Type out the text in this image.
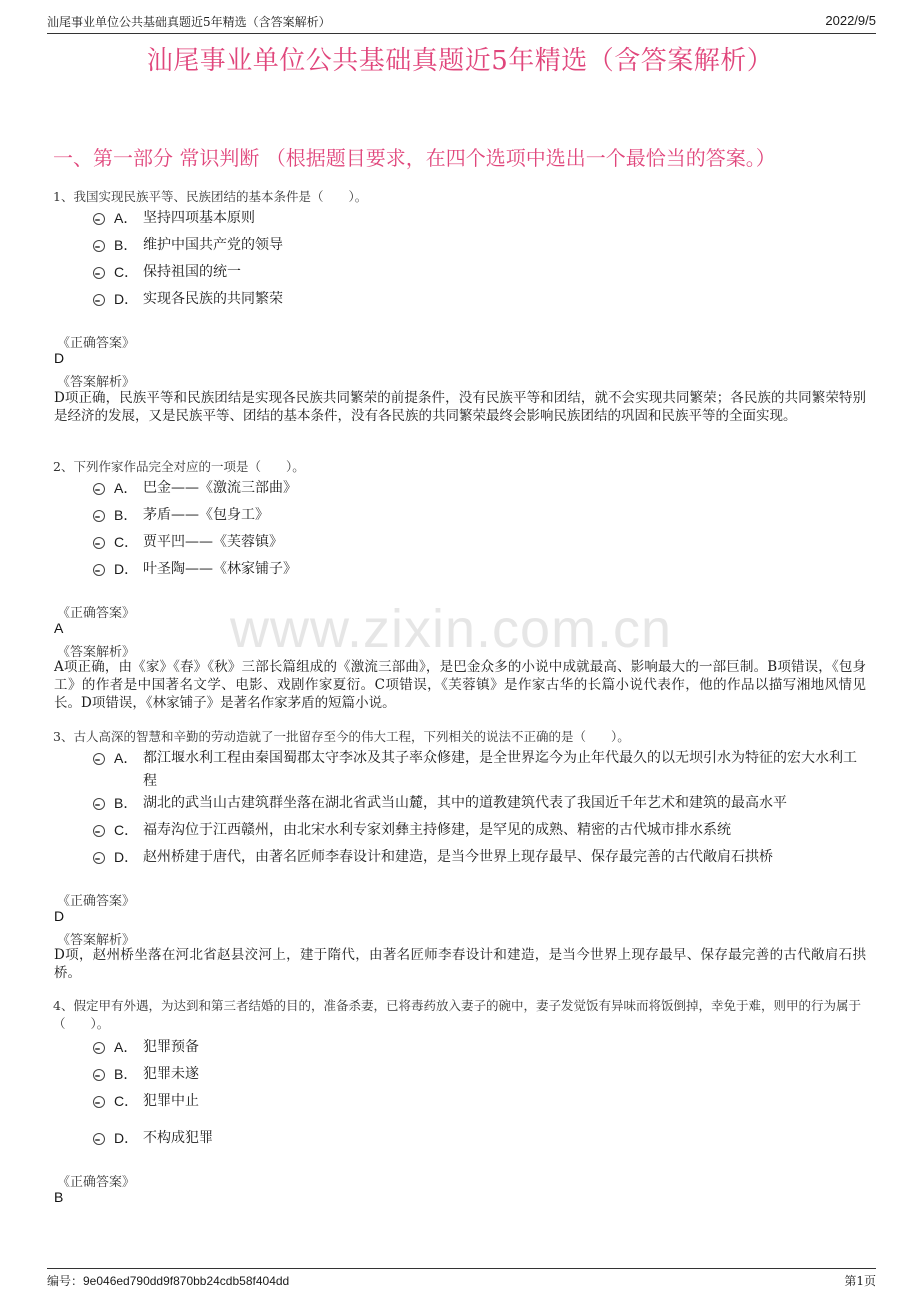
汕尾事业单位公共基础真题近5年精选（含答案解析）	2022/9/5
汕尾事业单位公共基础真题近5年精选（含答案解析）
一、第一部分 常识判断 （根据题目要求，在四个选项中选出一个最恰当的答案。）
www.zixin.com.cn
1、我国实现民族平等、民族团结的基本条件是（　　）。
A． 坚持四项基本原则
B． 维护中国共产党的领导
C． 保持祖国的统一
D． 实现各民族的共同繁荣
《正确答案》
D
《答案解析》
D项正确，民族平等和民族团结是实现各民族共同繁荣的前提条件，没有民族平等和团结，就不会实现共同繁荣；各民族的共同繁荣特别是经济的发展，又是民族平等、团结的基本条件，没有各民族的共同繁荣最终会影响民族团结的巩固和民族平等的全面实现。
2、下列作家作品完全对应的一项是（　　）。
A． 巴金——《激流三部曲》
B． 茅盾——《包身工》
C． 贾平凹——《芙蓉镇》
D． 叶圣陶——《林家铺子》
《正确答案》
A
《答案解析》
A项正确，由《家》《春》《秋》三部长篇组成的《激流三部曲》，是巴金众多的小说中成就最高、影响最大的一部巨制。B项错误，《包身工》的作者是中国著名文学、电影、戏剧作家夏衍。C项错误，《芙蓉镇》是作家古华的长篇小说代表作，他的作品以描写湘地风情见长。D项错误，《林家铺子》是著名作家茅盾的短篇小说。
3、古人高深的智慧和辛勤的劳动造就了一批留存至今的伟大工程，下列相关的说法不正确的是（　　）。
A． 都江堰水利工程由秦国蜀郡太守李冰及其子率众修建，是全世界迄今为止年代最久的以无坝引水为特征的宏大水利工程
B． 湖北的武当山古建筑群坐落在湖北省武当山麓，其中的道教建筑代表了我国近千年艺术和建筑的最高水平
C． 福寿沟位于江西赣州，由北宋水利专家刘彝主持修建，是罕见的成熟、精密的古代城市排水系统
D． 赵州桥建于唐代，由著名匠师李春设计和建造，是当今世界上现存最早、保存最完善的古代敞肩石拱桥
《正确答案》
D
《答案解析》
D项，赵州桥坐落在河北省赵县洨河上，建于隋代，由著名匠师李春设计和建造，是当今世界上现存最早、保存最完善的古代敞肩石拱桥。
4、假定甲有外遇，为达到和第三者结婚的目的，准备杀妻，已将毒药放入妻子的碗中，妻子发觉饭有异味而将饭倒掉，幸免于难，则甲的行为属于（　　）。
A． 犯罪预备
B． 犯罪未遂
C． 犯罪中止
D． 不构成犯罪
《正确答案》
B
编号：9e046ed790dd9f870bb24cdb58f404dd	第1页
